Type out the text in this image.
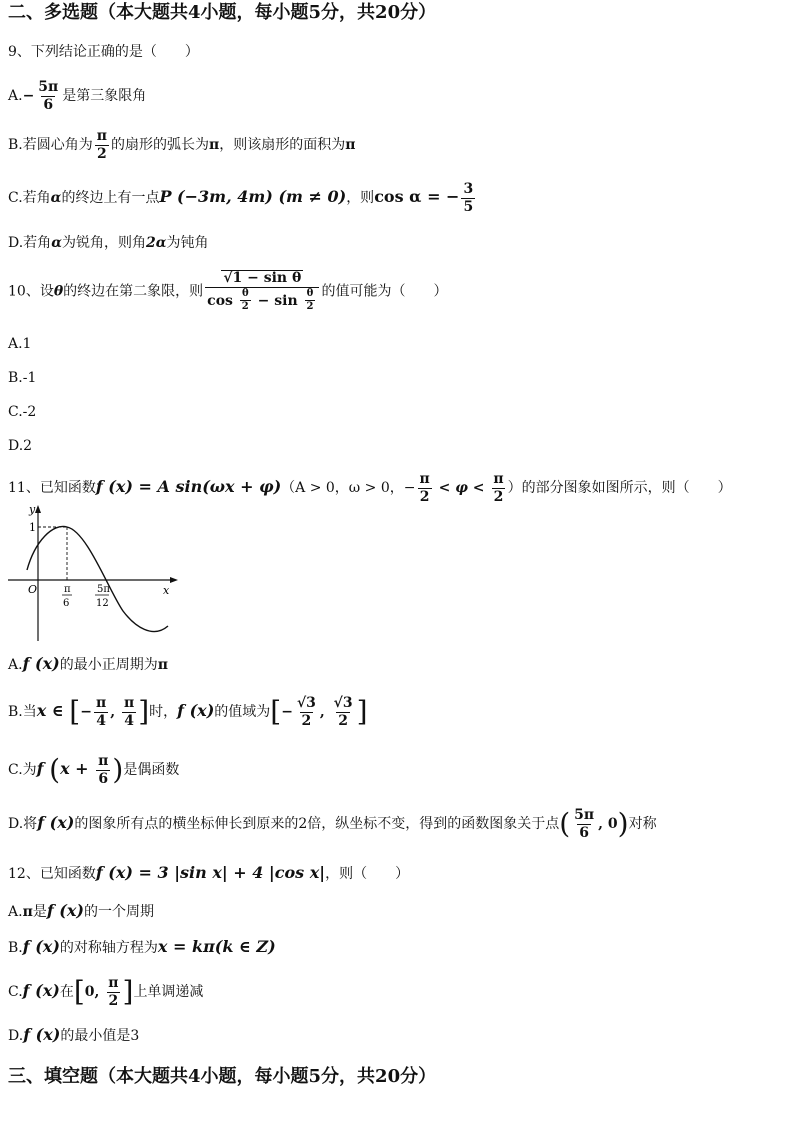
二、多选题（本大题共4小题，每小题5分，共20分）
9、下列结论正确的是（　　）
$A.- \frac{5\pi}{6}$ 是第三象限角
B.若圆心角为 $\frac{\pi}{2}$ 的扇形的弧长为π，则该扇形的面积为π
C.若角α的终边上有一点P (−3m, 4m) (m ≠ 0)，则cos α = − $\frac{3}{5}$
D.若角α为锐角，则角2α为钝角
10、设θ的终边在第二象限，则 $\frac{\text{√1 − sin θ}}{\cos \frac{\theta}{2} - \sin \frac{\theta}{2}}$ 的值可能为（　　）
A.1
B.-1
C.-2
D.2
11、已知函数f (x) = A sin(ωx + φ)（A > 0，ω > 0，− $\frac{\pi}{2} < \varphi < \frac{\pi}{2}$ ）的部分图象如图所示，则（　　）
y
x
1
O	π
6
5π
12
A.f (x)的最小正周期为π
B.当x ∈ [− $\frac{\pi}{4}$ , $\frac{\pi}{4}$ ]时，f (x)的值域为[− $\frac{√3}{2}$ , $\frac{√3}{2}$ ]
C.为f ($x + \frac{\pi}{6}$ )是偶函数
D.将f (x)的图象所有点的横坐标伸长到原来的2倍，纵坐标不变，得到的函数图象关于点( $\frac{5\pi}{6}$ , 0)对称
12、已知函数f (x) = 3 |sin x| + 4 |cos x|，则（　　）
A.π是f (x)的一个周期
B.f (x)的对称轴方程为x = kπ(k ∈ Z)
C.f (x)在[0, $\frac{\pi}{2}$ ]上单调递减
D.f (x)的最小值是3
三、填空题（本大题共4小题，每小题5分，共20分）
